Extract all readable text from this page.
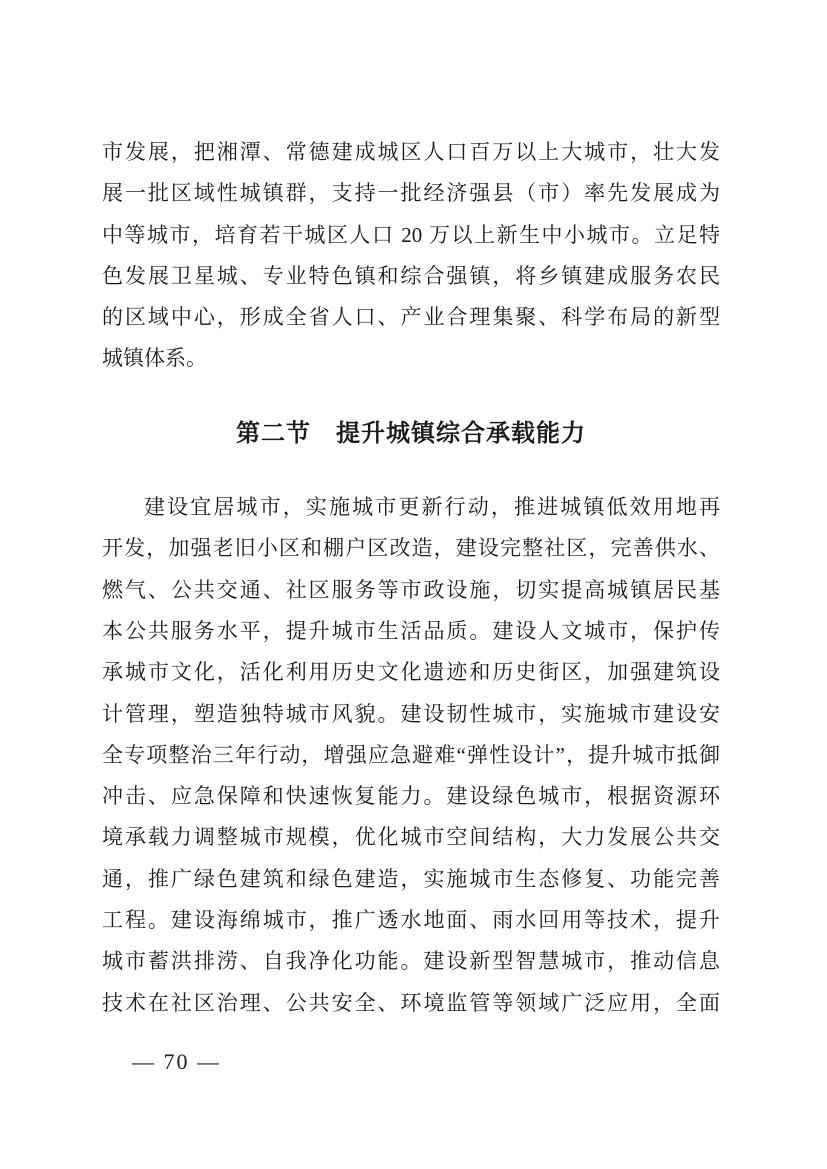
市发展，把湘潭、常德建成城区人口百万以上大城市，壮大发
展一批区域性城镇群，支持一批经济强县（市）率先发展成为
中等城市，培育若干城区人口 20 万以上新生中小城市。立足特
色发展卫星城、专业特色镇和综合强镇，将乡镇建成服务农民
的区域中心，形成全省人口、产业合理集聚、科学布局的新型
城镇体系。
第二节　提升城镇综合承载能力
建设宜居城市，实施城市更新行动，推进城镇低效用地再
开发，加强老旧小区和棚户区改造，建设完整社区，完善供水、
燃气、公共交通、社区服务等市政设施，切实提高城镇居民基
本公共服务水平，提升城市生活品质。建设人文城市，保护传
承城市文化，活化利用历史文化遗迹和历史街区，加强建筑设
计管理，塑造独特城市风貌。建设韧性城市，实施城市建设安
全专项整治三年行动，增强应急避难“弹性设计”，提升城市抵御
冲击、应急保障和快速恢复能力。建设绿色城市，根据资源环
境承载力调整城市规模，优化城市空间结构，大力发展公共交
通，推广绿色建筑和绿色建造，实施城市生态修复、功能完善
工程。建设海绵城市，推广透水地面、雨水回用等技术，提升
城市蓄洪排涝、自我净化功能。建设新型智慧城市，推动信息
技术在社区治理、公共安全、环境监管等领域广泛应用，全面
— 70 —
